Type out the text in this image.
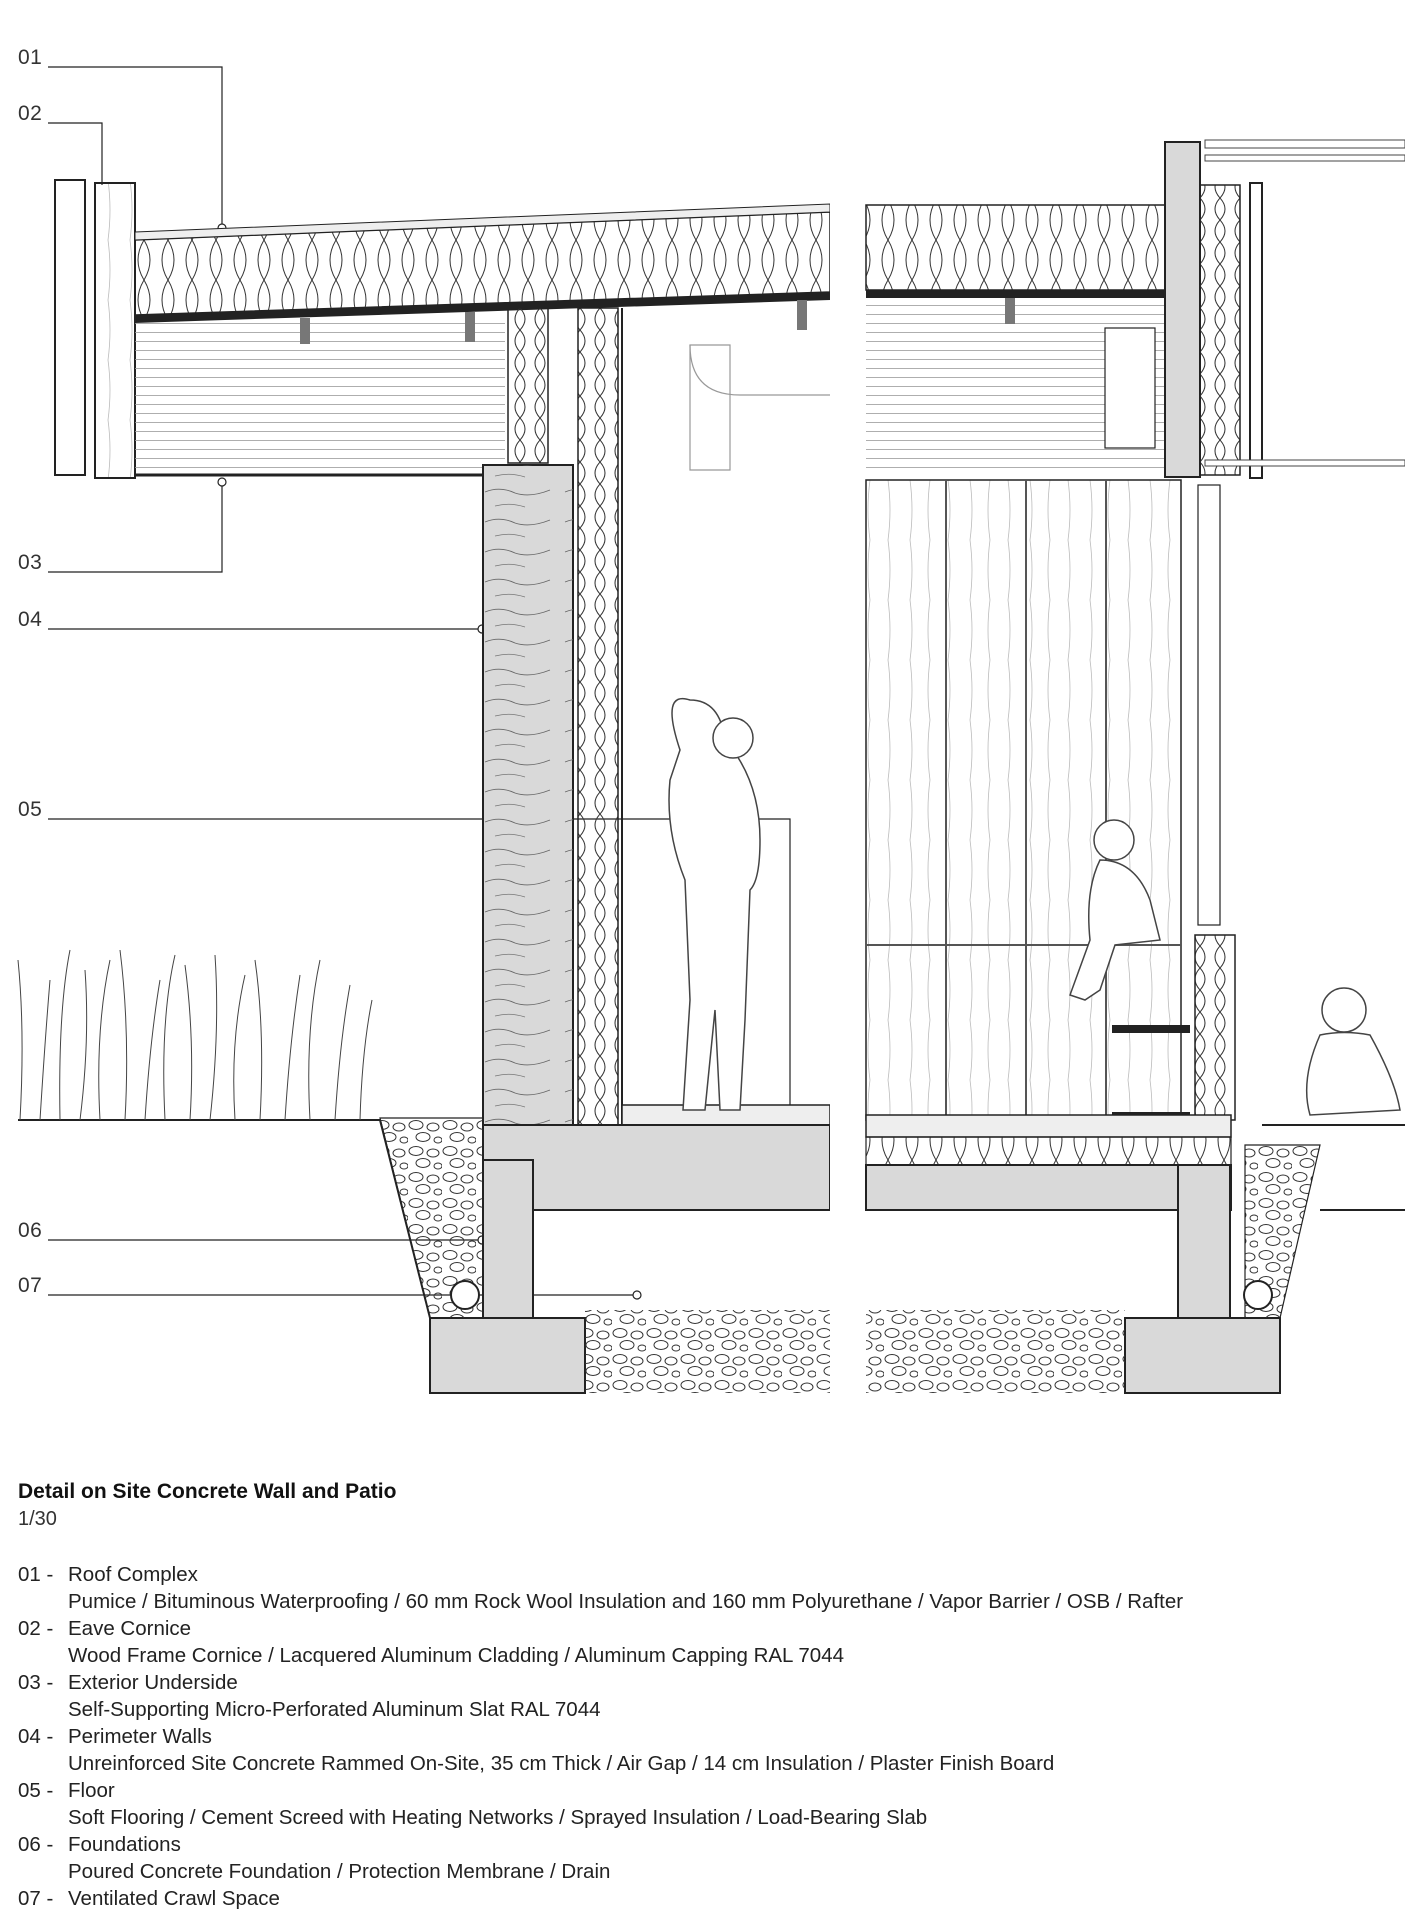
01
02
03
04
05
06
07

Detail on Site Concrete Wall and Patio

1/30

01 - Roof Complex
Pumice / Bituminous Waterproofing / 60 mm Rock Wool Insulation and 160 mm Polyurethane / Vapor Barrier / OSB / Rafter
02 - Eave Cornice
Wood Frame Cornice / Lacquered Aluminum Cladding / Aluminum Capping RAL 7044
03 - Exterior Underside
Self-Supporting Micro-Perforated Aluminum Slat RAL 7044
04 - Perimeter Walls
Unreinforced Site Concrete Rammed On-Site, 35 cm Thick / Air Gap / 14 cm Insulation / Plaster Finish Board
05 - Floor
Soft Flooring / Cement Screed with Heating Networks / Sprayed Insulation / Load-Bearing Slab
06 - Foundations
Poured Concrete Foundation / Protection Membrane / Drain
07 - Ventilated Crawl Space
